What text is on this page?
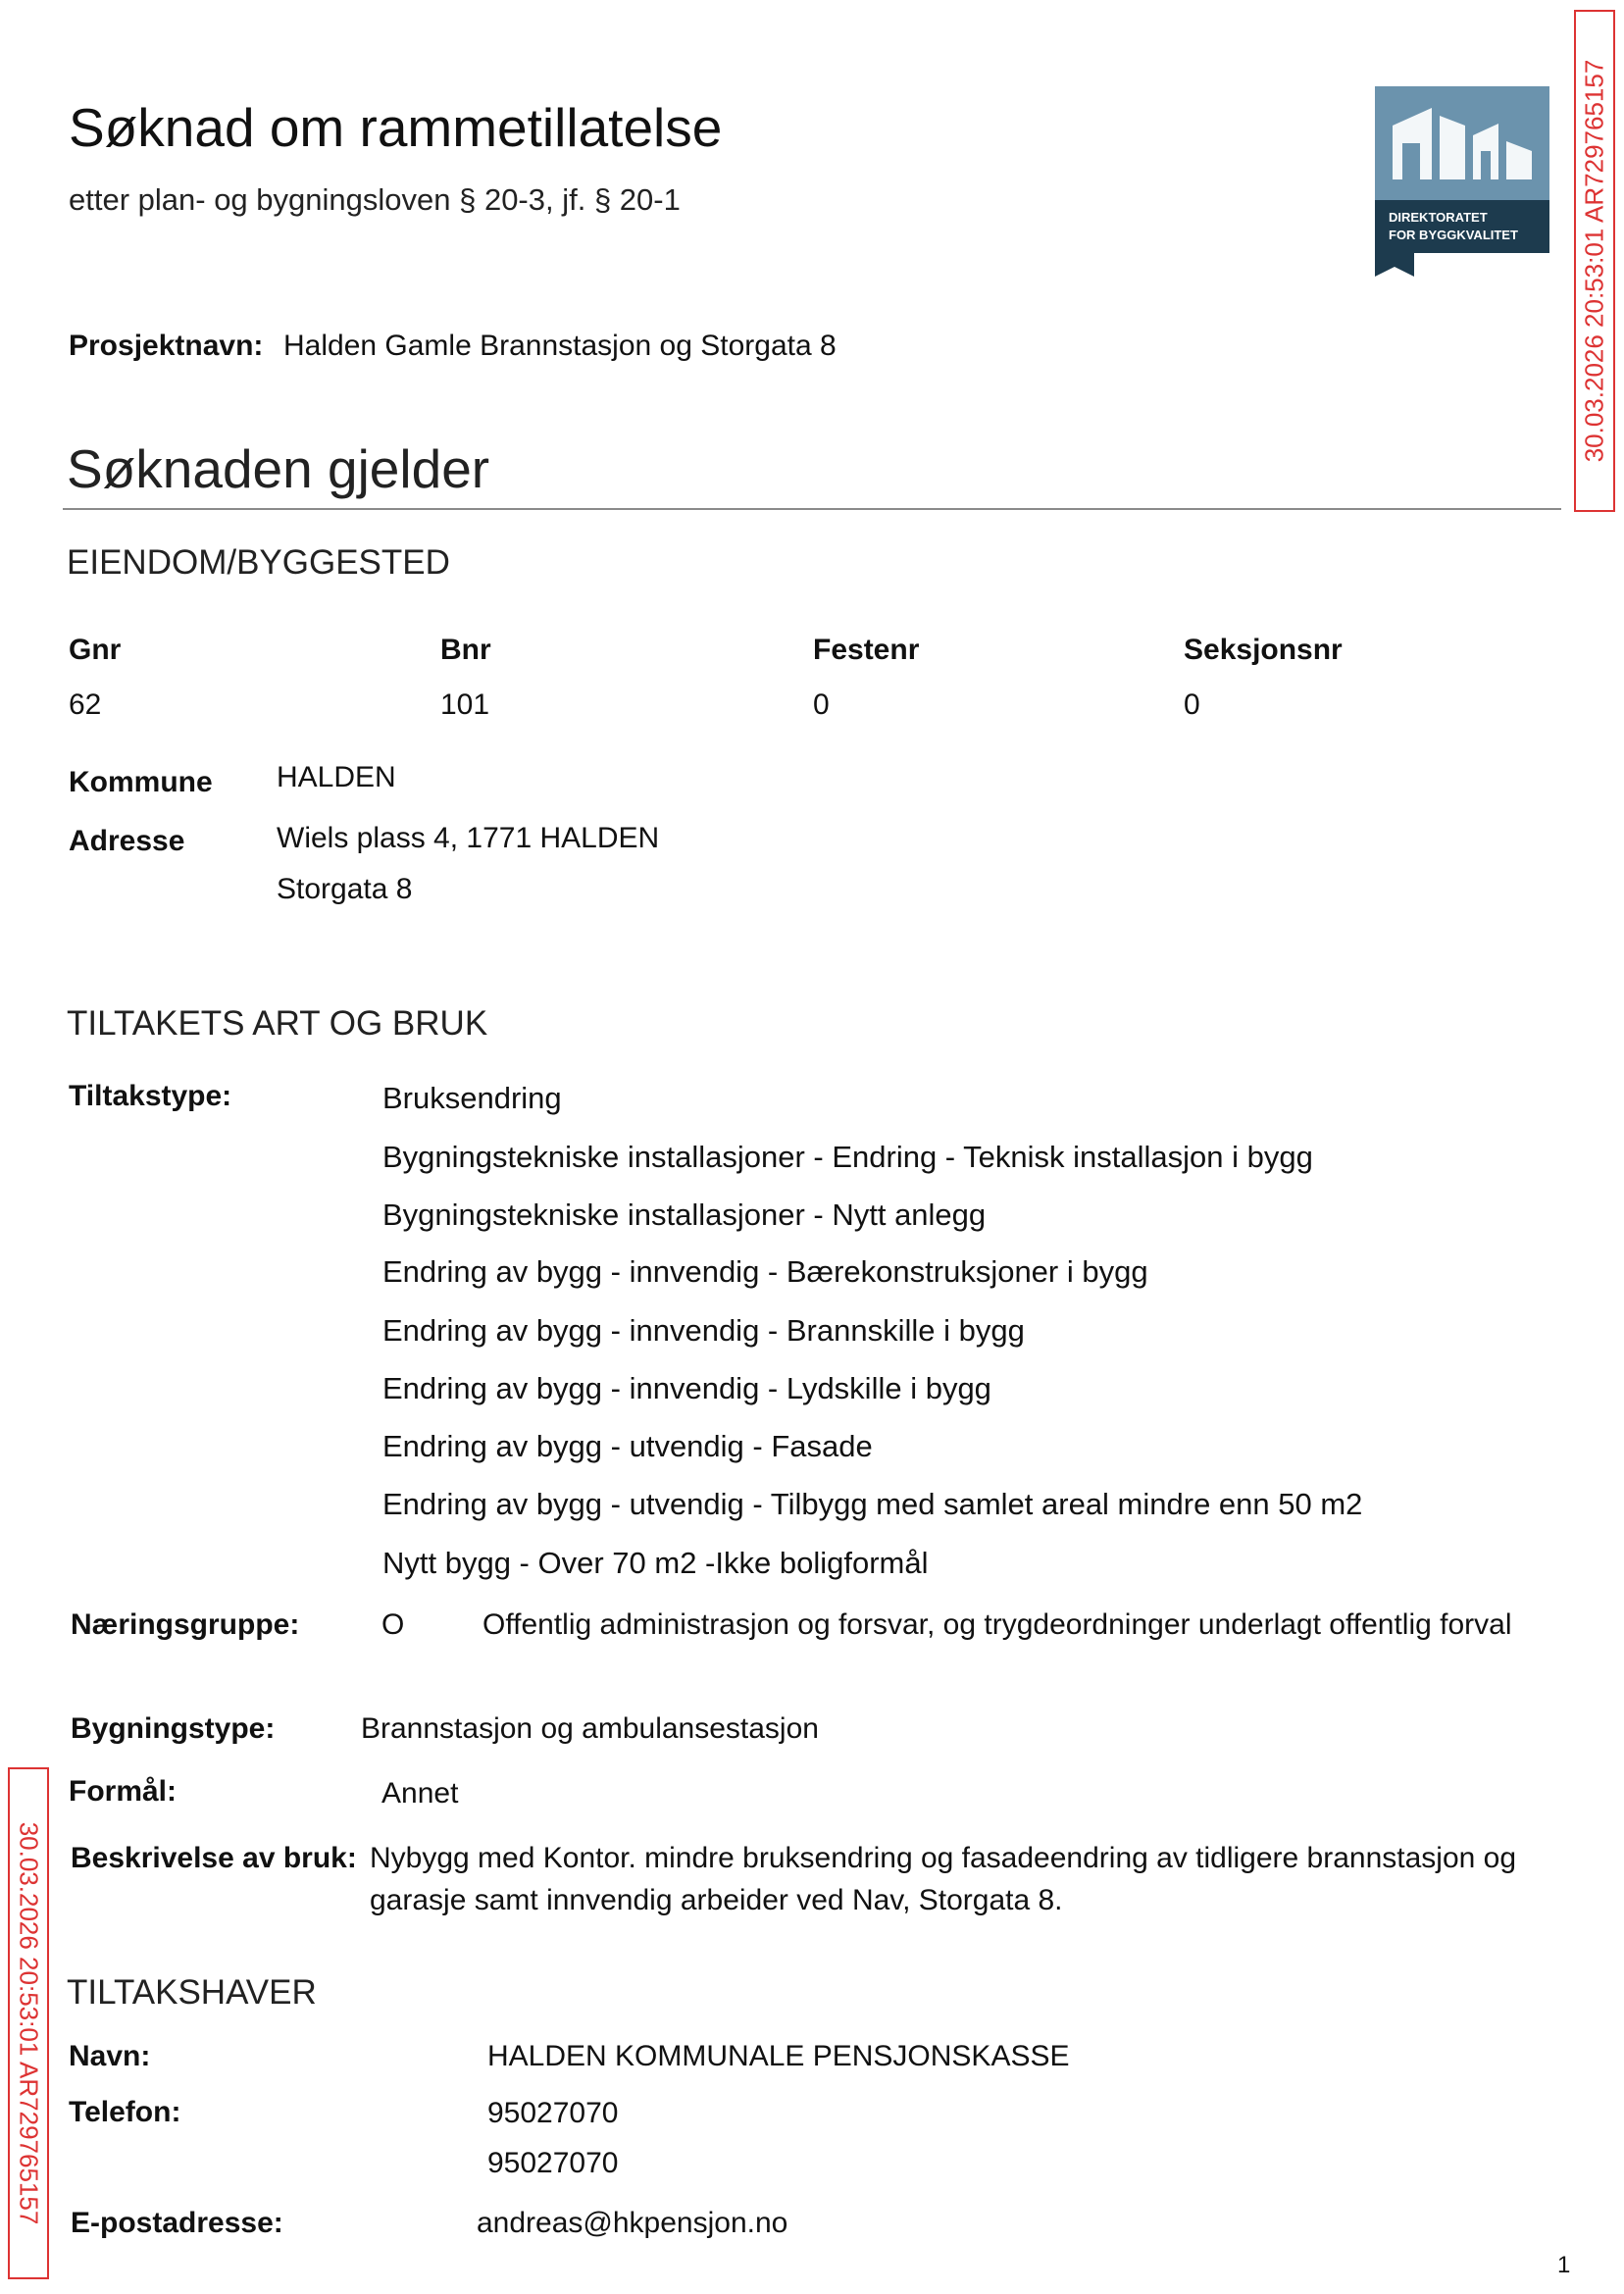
Søknad om rammetillatelse
etter plan- og bygningsloven § 20-3, jf. § 20-1
DIREKTORATET
FOR BYGGKVALITET 30.03.2026 20:53:01 AR729765157
30.03.2026 20:53:01 AR729765157
Prosjektnavn: Halden Gamle Brannstasjon og Storgata 8
Søknaden gjelder
EIENDOM/BYGGESTED
Gnr	Bnr	Festenr	Seksjonsnr
62	101	0	0
Kommune HALDEN
Adresse	Wiels plass 4, 1771 HALDEN
Storgata 8
TILTAKETS ART OG BRUK
Tiltakstype:	Bruksendring
Bygningstekniske installasjoner - Endring - Teknisk installasjon i bygg
Bygningstekniske installasjoner - Nytt anlegg
Endring av bygg - innvendig - Bærekonstruksjoner i bygg
Endring av bygg - innvendig - Brannskille i bygg
Endring av bygg - innvendig - Lydskille i bygg
Endring av bygg - utvendig - Fasade
Endring av bygg - utvendig - Tilbygg med samlet areal mindre enn 50 m2
Nytt bygg - Over 70 m2 -Ikke boligformål
Næringsgruppe:	O	Offentlig administrasjon og forsvar, og trygdeordninger underlagt offentlig forval
Bygningstype:	Brannstasjon og ambulansestasjon
Formål:	Annet
Beskrivelse av bruk: Nybygg med Kontor. mindre bruksendring og fasadeendring av tidligere brannstasjon og
garasje samt innvendig arbeider ved Nav, Storgata 8.
TILTAKSHAVER
Navn:	HALDEN KOMMUNALE PENSJONSKASSE
Telefon:	95027070
95027070
E-postadresse:	andreas@hkpensjon.no
1
